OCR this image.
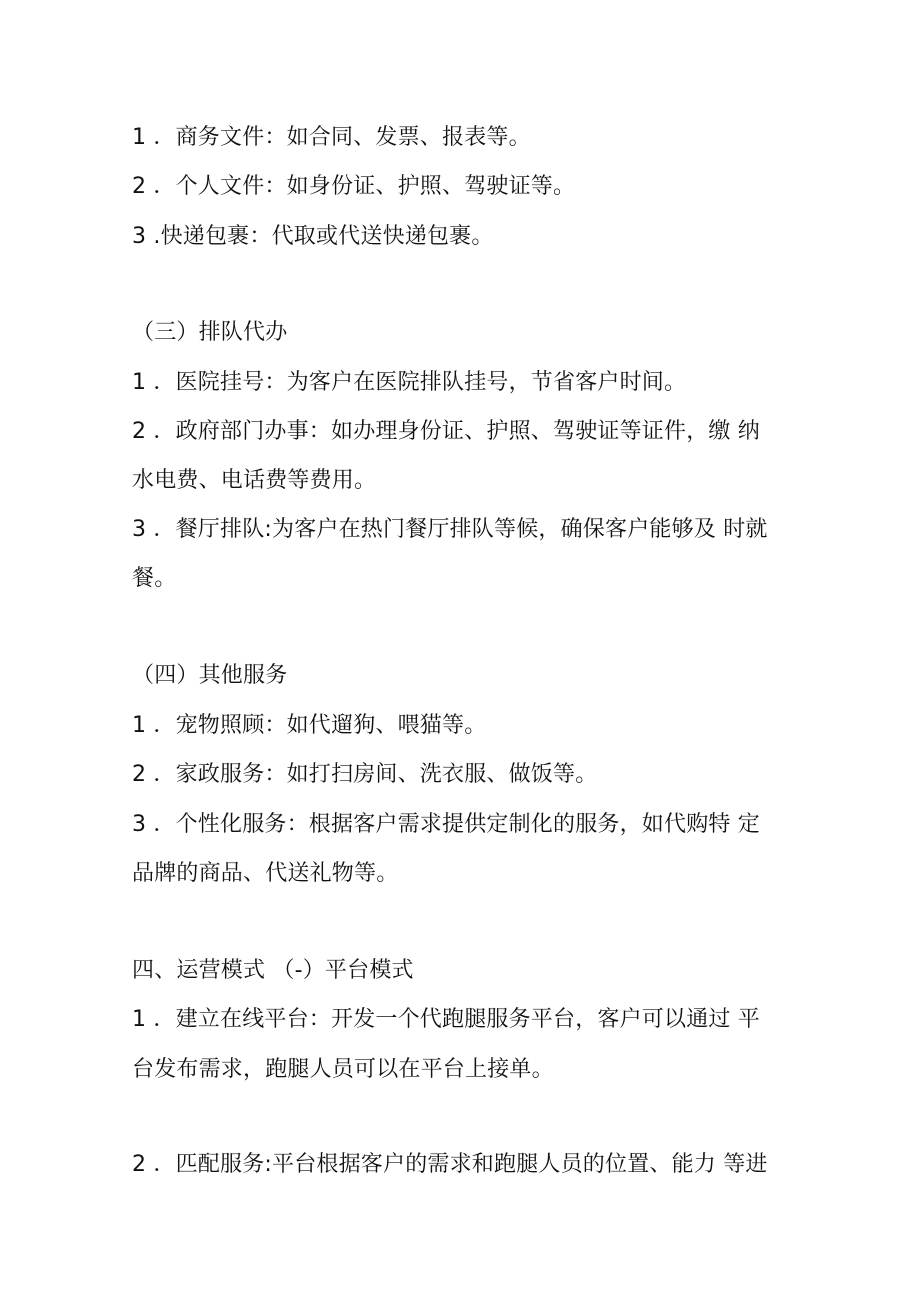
1 ．商务文件：如合同、发票、报表等。
2 ．个人文件：如身份证、护照、驾驶证等。
3 .快递包裹：代取或代送快递包裹。
（三）排队代办
1 ．医院挂号：为客户在医院排队挂号，节省客户时间。
2 ．政府部门办事：如办理身份证、护照、驾驶证等证件，缴 纳
水电费、电话费等费用。
3 ．餐厅排队:为客户在热门餐厅排队等候，确保客户能够及 时就
餐。
（四）其他服务
1 ．宠物照顾：如代遛狗、喂猫等。
2 ．家政服务：如打扫房间、洗衣服、做饭等。
3 ．个性化服务：根据客户需求提供定制化的服务，如代购特 定
品牌的商品、代送礼物等。
四、运营模式 （-）平台模式
1 ．建立在线平台：开发一个代跑腿服务平台，客户可以通过 平
台发布需求，跑腿人员可以在平台上接单。
2 ．匹配服务:平台根据客户的需求和跑腿人员的位置、能力 等进
